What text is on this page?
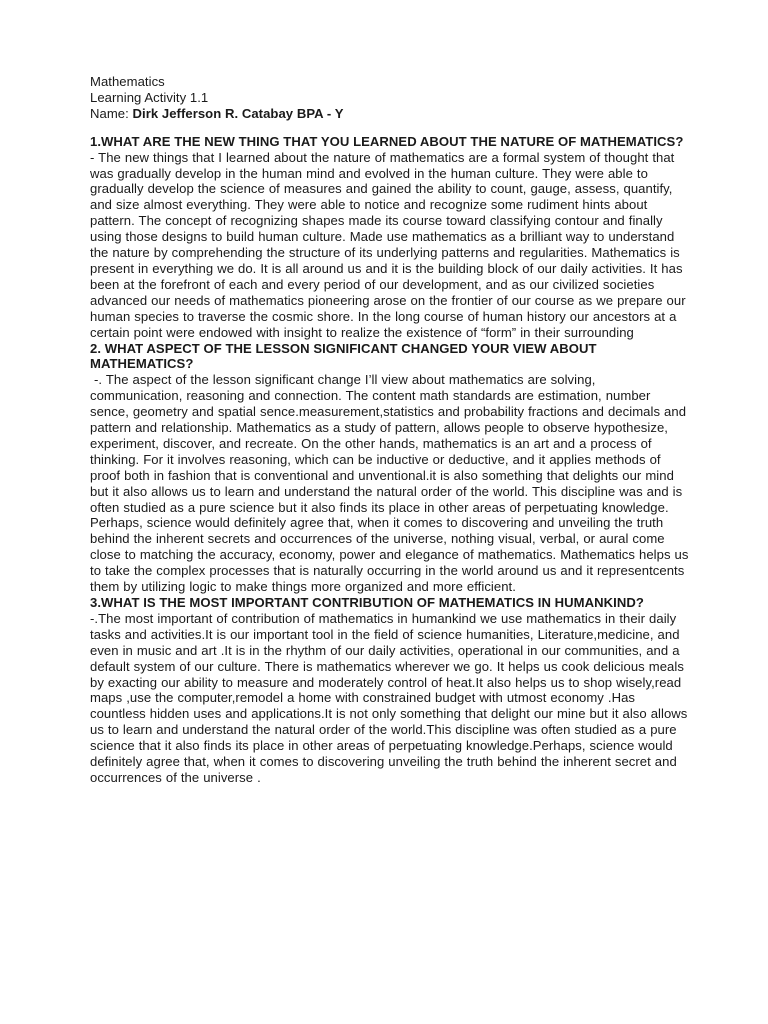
Mathematics
Learning Activity 1.1
Name: Dirk Jefferson R. Catabay BPA - Y
1.WHAT ARE THE NEW THING THAT YOU LEARNED ABOUT THE NATURE OF MATHEMATICS?

- The new things that I learned about the nature of mathematics are a formal system of thought that was gradually develop in the human mind and evolved in the human culture. They were able to gradually develop the science of measures and gained the ability to count, gauge, assess, quantify, and size almost everything. They were able to notice and recognize some rudiment hints about pattern. The concept of recognizing shapes made its course toward classifying contour and finally using those designs to build human culture. Made use mathematics as a brilliant way to understand the nature by comprehending the structure of its underlying patterns and regularities. Mathematics is present in everything we do. It is all around us and it is the building block of our daily activities. It has been at the forefront of each and every period of our development, and as our civilized societies advanced our needs of mathematics pioneering arose on the frontier of our course as we prepare our human species to traverse the cosmic shore. In the long course of human history our ancestors at a certain point were endowed with insight to realize the existence of “form” in their surrounding

2. WHAT ASPECT OF THE LESSON SIGNIFICANT CHANGED YOUR VIEW ABOUT MATHEMATICS?

-. The aspect of the lesson significant change I’ll view about mathematics are solving, communication, reasoning and connection. The content math standards are estimation, number sence, geometry and spatial sence.measurement,statistics and probability fractions and decimals and pattern and relationship. Mathematics as a study of pattern, allows people to observe hypothesize, experiment, discover, and recreate. On the other hands, mathematics is an art and a process of thinking. For it involves reasoning, which can be inductive or deductive, and it applies methods of proof both in fashion that is conventional and unventional.it is also something that delights our mind but it also allows us to learn and understand the natural order of the world. This discipline was and is often studied as a pure science but it also finds its place in other areas of perpetuating knowledge. Perhaps, science would definitely agree that, when it comes to discovering and unveiling the truth behind the inherent secrets and occurrences of the universe, nothing visual, verbal, or aural come close to matching the accuracy, economy, power and elegance of mathematics. Mathematics helps us to take the complex processes that is naturally occurring in the world around us and it representcents them by utilizing logic to make things more organized and more efficient.

3.WHAT IS THE MOST IMPORTANT CONTRIBUTION OF MATHEMATICS IN HUMANKIND?

-.The most important of contribution of mathematics in humankind we use mathematics in their daily tasks and activities.It is our important tool in the field of science humanities, Literature,medicine, and even in music and art .It is in the rhythm of our daily activities, operational in our communities, and a default system of our culture. There is mathematics wherever we go. It helps us cook delicious meals by exacting our ability to measure and moderately control of heat.It also helps us to shop wisely,read maps ,use the computer,remodel a home with constrained budget with utmost economy .Has countless hidden uses and applications.It is not only something that delight our mine but it also allows us to learn and understand the natural order of the world.This discipline was often studied as a pure science that it also finds its place in other areas of perpetuating knowledge.Perhaps, science would definitely agree that, when it comes to discovering unveiling the truth behind the inherent secret and occurrences of the universe .
